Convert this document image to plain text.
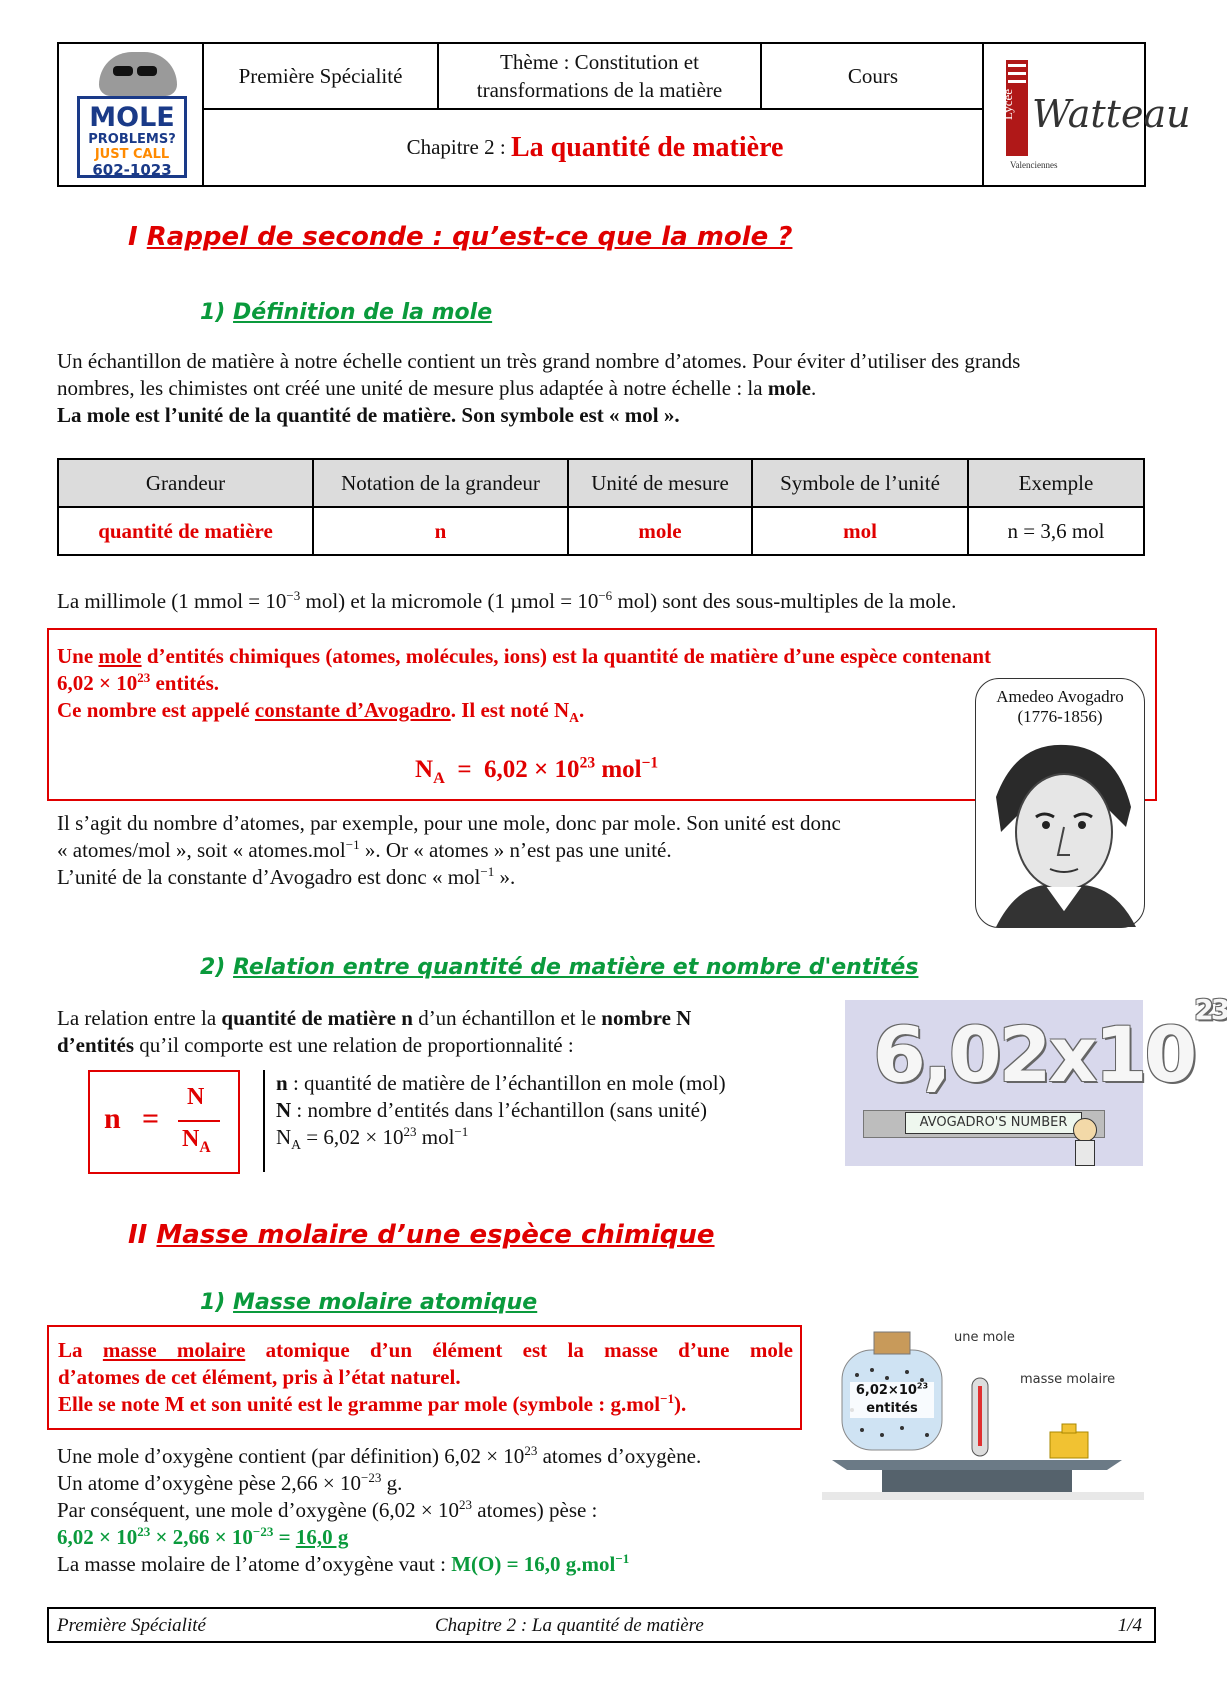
MOLE
PROBLEMS?
JUST CALL
602-1023
Première Spécialité
Thème : Constitution et transformations de la matière
Cours
Chapitre 2 :
La quantité de matière
Lycée Watteau
Valenciennes
I Rappel de seconde : qu’est-ce que la mole ?
1) Définition de la mole
Un échantillon de matière à notre échelle contient un très grand nombre d’atomes. Pour éviter d’utiliser des grands
nombres, les chimistes ont créé une unité de mesure plus adaptée à notre échelle : la mole.
La mole est l’unité de la quantité de matière. Son symbole est « mol ».
Grandeur	Notation de la grandeur	Unité de mesure	Symbole de l’unité	Exemple
quantité de matière	n	mole	mol	n = 3,6 mol
La millimole (1 mmol = $10^{-3}$ mol) et la micromole (1 $\mu mol = 10^{-6}$ mol) sont des sous-multiples de la mole.
Une mole d’entités chimiques (atomes, molécules, ions) est la quantité de matière d’une espèce contenant
$6,02 \times 10^{23}$ entités.
Ce nombre est appelé constante d’Avogadro. Il est noté $N_A$.
$N_A = 6,02 \times 10^{23}$ mol$^{-1}$
Amedeo Avogadro
(1776-1856)
Il s’agit du nombre d’atomes, par exemple, pour une mole, donc par mole. Son unité est donc
« atomes/mol », soit « atomes.mol$^{-1}$ ». Or « atomes » n’est pas une unité.
L’unité de la constante d’Avogadro est donc « mol$^{-1}$ ».
2) Relation entre quantité de matière et nombre d'entités
La relation entre la quantité de matière n d’un échantillon et le nombre N
d’entités qu’il comporte est une relation de proportionnalité :
n =
N
$N_A$
n : quantité de matière de l’échantillon en mole (mol)
N : nombre d’entités dans l’échantillon (sans unité)
$N_A = 6,02 \times 10^{23}$ mol$^{-1}$
$6,02x10^{23}$
AVOGADRO'S NUMBER
II Masse molaire d’une espèce chimique
1) Masse molaire atomique
La masse molaire atomique d’un élément est la masse d’une mole
d’atomes de cet élément, pris à l’état naturel.
Elle se note M et son unité est le gramme par mole (symbole : g.mol$^{-1}$).
Une mole d’oxygène contient (par définition) $6,02 \times 10^{23}$ atomes d’oxygène.
Un atome d’oxygène pèse $2,66 \times 10^{-23}$ g.
Par conséquent, une mole d’oxygène ($6,02 \times 10^{23}$ atomes) pèse :
$6,02 \times 10^{23} \times 2,66 \times 10^{-23} = 16,0$ g
La masse molaire de l’atome d’oxygène vaut : M(O) = 16,0 g.mol$^{-1}$
une mole
masse molaire
$6,02\times 10^{23}$
entités
Première Spécialité	Chapitre 2 : La quantité de matière	1/4
